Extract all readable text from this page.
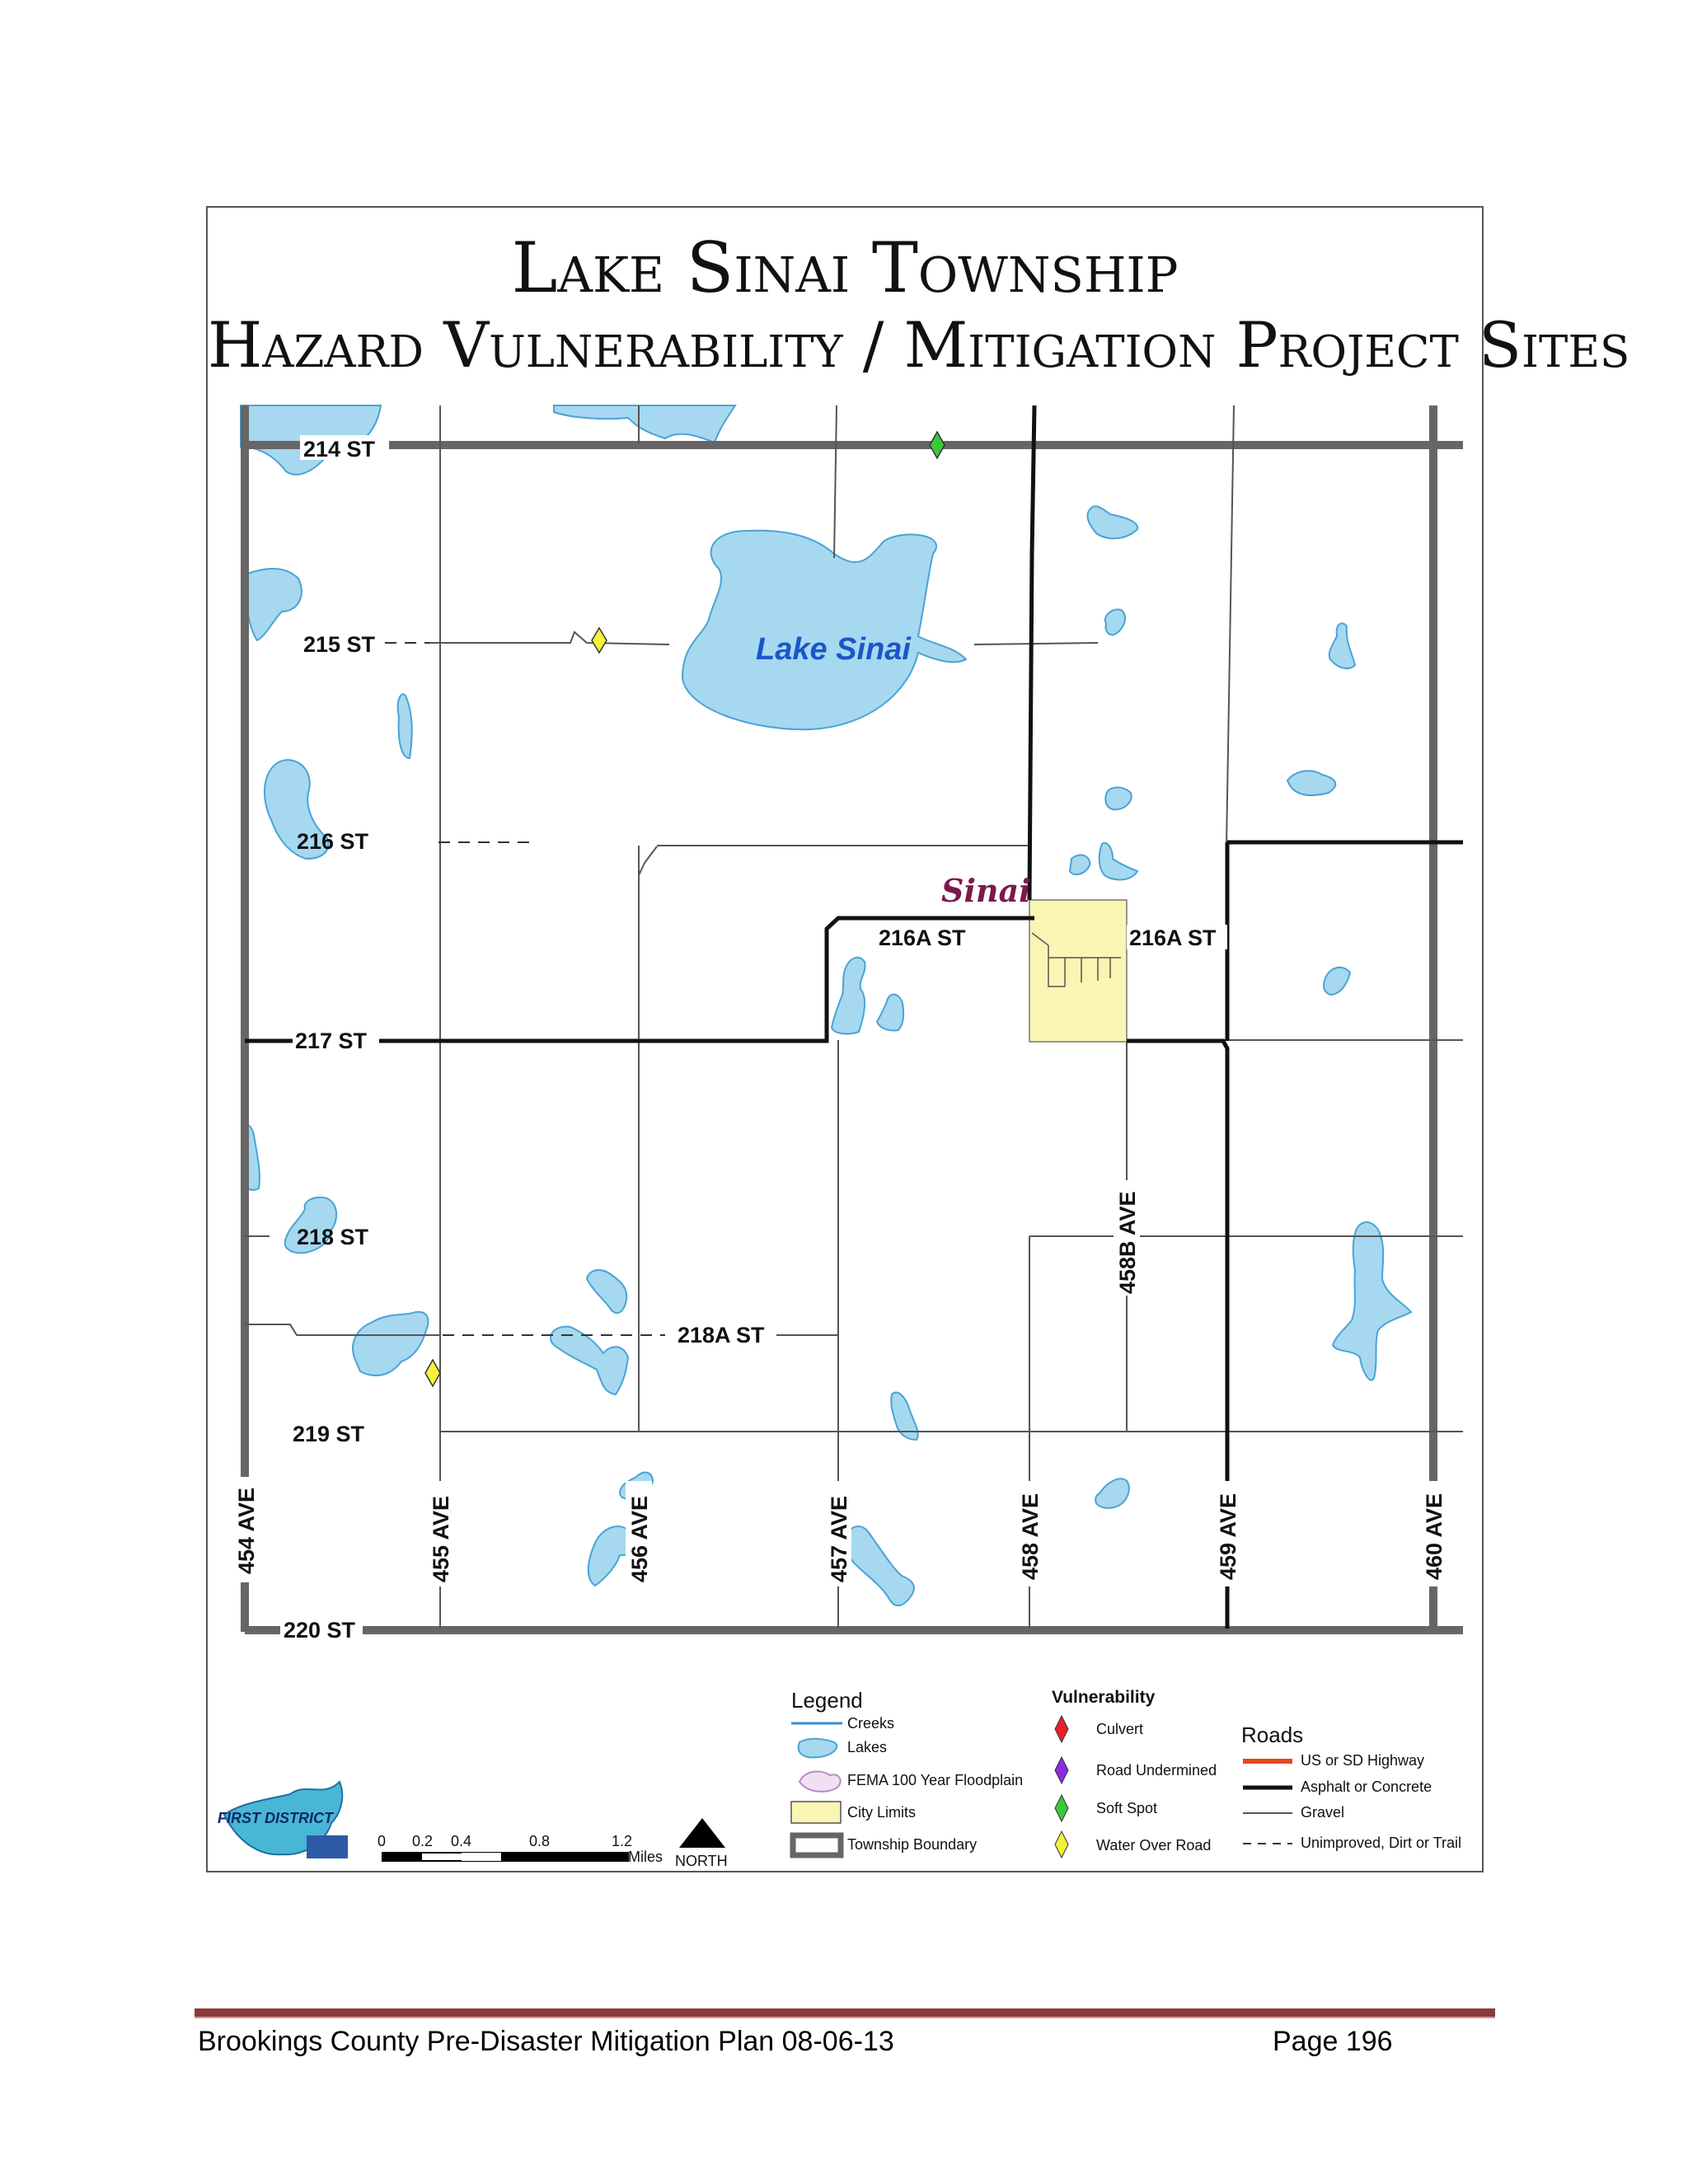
Lake Sinai Township
Hazard Vulnerability / Mitigation Project Sites
Lake Sinai
Sinai
214 ST
215 ST
216 ST
216A ST	216A ST
217 ST
218 ST
218A ST
219 ST
220 ST
454 AVE	455 AVE	456 AVE	457 AVE	458 AVE
458B AVE
459 AVE	460 AVE
FIRST DISTRICT
0 0.2 0.4	0.8	1.2
Miles NORTH
Legend
Creeks
Lakes
FEMA 100 Year Floodplain
City Limits
Township Boundary
Vulnerability
Culvert
Road Undermined
Soft Spot
Water Over Road
Roads
US or SD Highway
Asphalt or Concrete
Gravel
Unimproved, Dirt or Trail
Brookings County Pre-Disaster Mitigation Plan 08-06-13	Page 196
